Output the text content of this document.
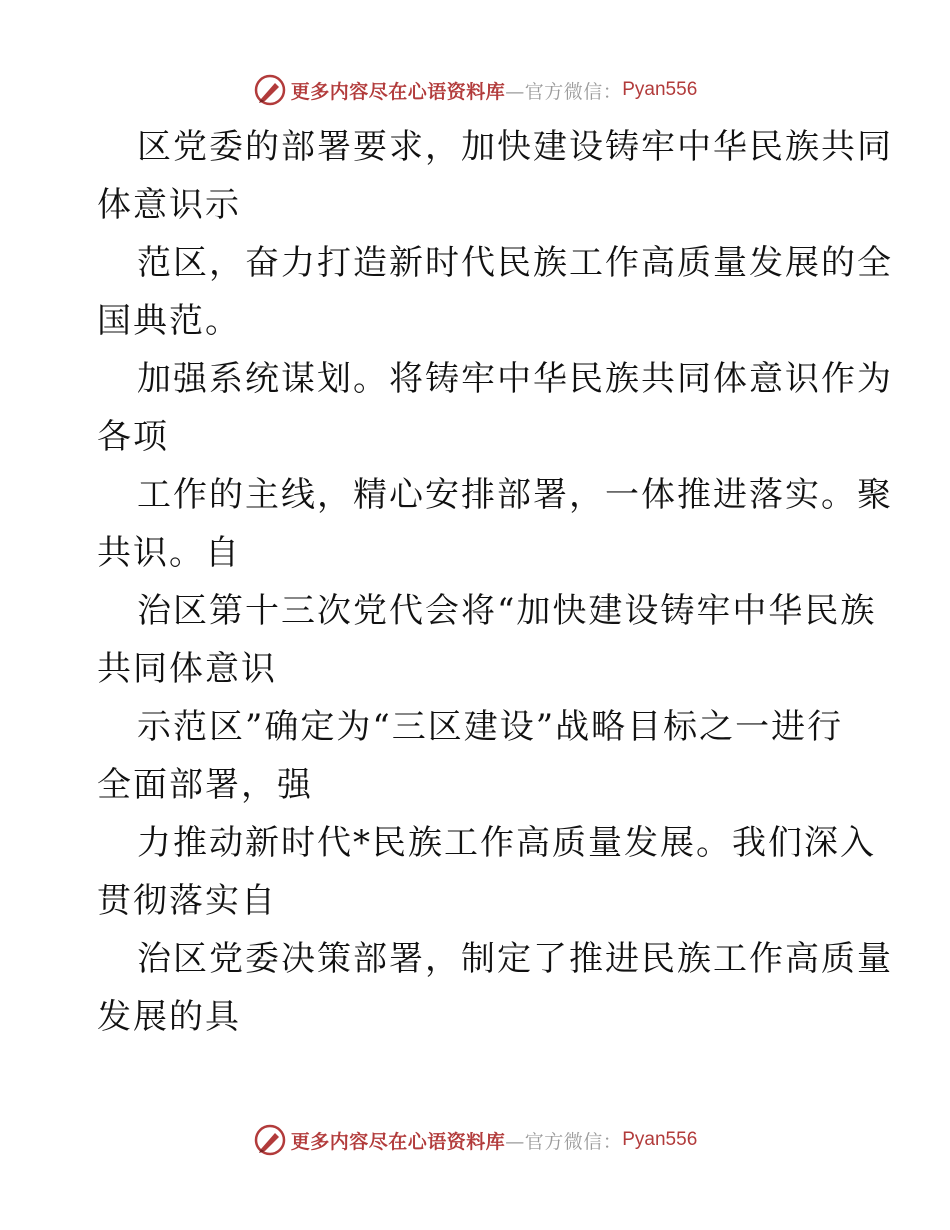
更多内容尽在心语资料库 —官方微信： Pyan556
区党委的部署要求，加快建设铸牢中华民族共同
体意识示
范区，奋力打造新时代民族工作高质量发展的全
国典范。
加强系统谋划。将铸牢中华民族共同体意识作为
各项
工作的主线，精心安排部署，一体推进落实。聚
共识。自
治区第十三次党代会将“加快建设铸牢中华民族
共同体意识
示范区”确定为“三区建设”战略目标之一进行
全面部署，强
力推动新时代*民族工作高质量发展。我们深入
贯彻落实自
治区党委决策部署，制定了推进民族工作高质量
发展的具
更多内容尽在心语资料库 —官方微信： Pyan556
